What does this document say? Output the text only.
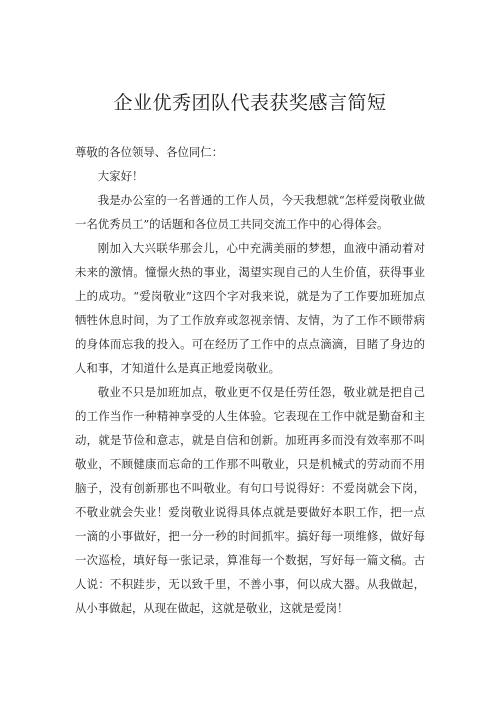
企业优秀团队代表获奖感言简短

尊敬的各位领导、各位同仁：

大家好！

我是办公室的一名普通的工作人员，今天我想就“怎样爱岗敬业做一名优秀员工”的话题和各位员工共同交流工作中的心得体会。

刚加入大兴联华那会儿，心中充满美丽的梦想，血液中涌动着对未来的激情。憧憬火热的事业，渴望实现自己的人生价值，获得事业上的成功。“爱岗敬业”这四个字对我来说，就是为了工作要加班加点牺牲休息时间，为了工作放弃或忽视亲情、友情，为了工作不顾带病的身体而忘我的投入。可在经历了工作中的点点滴滴，目睹了身边的人和事，才知道什么是真正地爱岗敬业。

敬业不只是加班加点，敬业更不仅是任劳任怨，敬业就是把自己的工作当作一种精神享受的人生体验。它表现在工作中就是勤奋和主动，就是节俭和意志，就是自信和创新。加班再多而没有效率那不叫敬业，不顾健康而忘命的工作那不叫敬业，只是机械式的劳动而不用脑子，没有创新那也不叫敬业。有句口号说得好：不爱岗就会下岗，不敬业就会失业！爱岗敬业说得具体点就是要做好本职工作，把一点一滴的小事做好，把一分一秒的时间抓牢。搞好每一项维修，做好每一次巡检，填好每一张记录，算准每一个数据，写好每一篇文稿。古人说：不积跬步，无以致千里，不善小事，何以成大器。从我做起，从小事做起，从现在做起，这就是敬业，这就是爱岗！
